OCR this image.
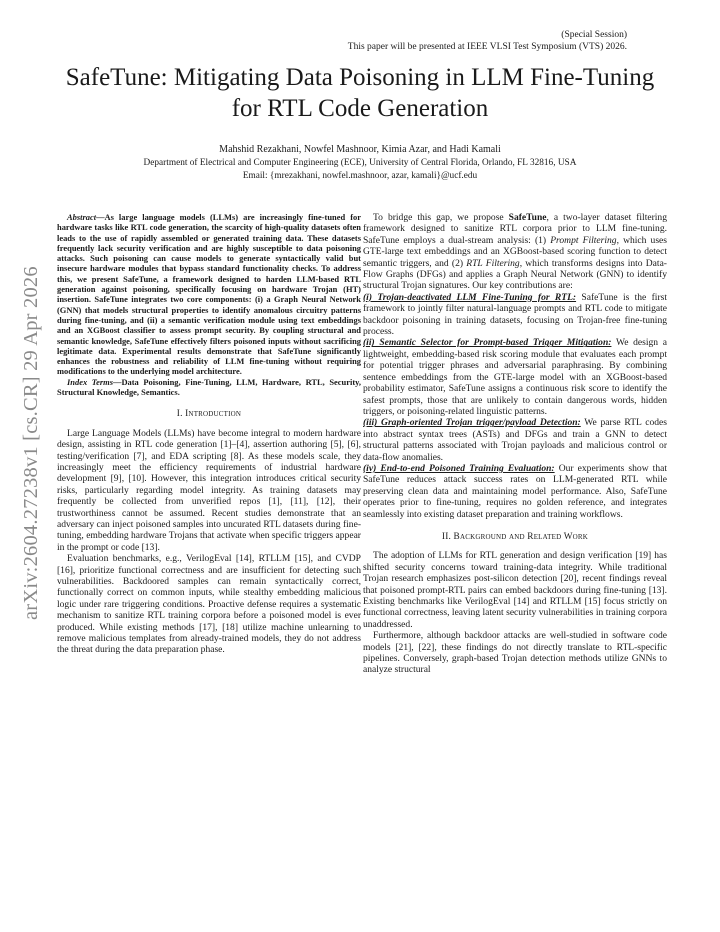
arXiv:2604.27238v1 [cs.CR] 29 Apr 2026
(Special Session)
This paper will be presented at IEEE VLSI Test Symposium (VTS) 2026.
SafeTune: Mitigating Data Poisoning in LLM Fine-Tuning for RTL Code Generation
Mahshid Rezakhani, Nowfel Mashnoor, Kimia Azar, and Hadi Kamali
Department of Electrical and Computer Engineering (ECE), University of Central Florida, Orlando, FL 32816, USA
Email: {mrezakhani, nowfel.mashnoor, azar, kamali}@ucf.edu

Abstract—As large language models (LLMs) are increasingly fine-tuned for hardware tasks like RTL code generation, the scarcity of high-quality datasets often leads to the use of rapidly assembled or generated training data. These datasets frequently lack security verification and are highly susceptible to data poisoning attacks. Such poisoning can cause models to generate syntactically valid but insecure hardware modules that bypass standard functionality checks. To address this, we present SafeTune, a framework designed to harden LLM-based RTL generation against poisoning, specifically focusing on hardware Trojan (HT) insertion. SafeTune integrates two core components: (i) a Graph Neural Network (GNN) that models structural properties to identify anomalous circuitry patterns during fine-tuning, and (ii) a semantic verification module using text embeddings and an XGBoost classifier to assess prompt security. By coupling structural and semantic knowledge, SafeTune effectively filters poisoned inputs without sacrificing legitimate data. Experimental results demonstrate that SafeTune significantly enhances the robustness and reliability of LLM fine-tuning without requiring modifications to the underlying model architecture.

Index Terms—Data Poisoning, Fine-Tuning, LLM, Hardware, RTL, Security, Structural Knowledge, Semantics.

I. Introduction

Large Language Models (LLMs) have become integral to modern hardware design, assisting in RTL code generation [1]–[4], assertion authoring [5], [6], testing/verification [7], and EDA scripting [8]. As these models scale, they increasingly meet the efficiency requirements of industrial hardware development [9], [10]. However, this integration introduces critical security risks, particularly regarding model integrity. As training datasets may frequently be collected from unverified repos [1], [11], [12], their trustworthiness cannot be assumed. Recent studies demonstrate that an adversary can inject poisoned samples into uncurated RTL datasets during fine-tuning, embedding hardware Trojans that activate when specific triggers appear in the prompt or code [13].

Evaluation benchmarks, e.g., VerilogEval [14], RTLLM [15], and CVDP [16], prioritize functional correctness and are insufficient for detecting such vulnerabilities. Backdoored samples can remain syntactically correct, functionally correct on common inputs, while stealthy embedding malicious logic under rare triggering conditions. Proactive defense requires a systematic mechanism to sanitize RTL training corpora before a poisoned model is ever produced. While existing methods [17], [18] utilize machine unlearning to remove malicious templates from already-trained models, they do not address the threat during the data preparation phase.

To bridge this gap, we propose SafeTune, a two-layer dataset filtering framework designed to sanitize RTL corpora prior to LLM fine-tuning. SafeTune employs a dual-stream analysis: (1) Prompt Filtering, which uses GTE-large text embeddings and an XGBoost-based scoring function to detect semantic triggers, and (2) RTL Filtering, which transforms designs into Data-Flow Graphs (DFGs) and applies a Graph Neural Network (GNN) to identify structural Trojan signatures. Our key contributions are:

(i) Trojan-deactivated LLM Fine-Tuning for RTL: SafeTune is the first framework to jointly filter natural-language prompts and RTL code to mitigate backdoor poisoning in training datasets, focusing on Trojan-free fine-tuning process.

(ii) Semantic Selector for Prompt-based Trigger Mitigation: We design a lightweight, embedding-based risk scoring module that evaluates each prompt for potential trigger phrases and adversarial paraphrasing. By combining sentence embeddings from the GTE-large model with an XGBoost-based probability estimator, SafeTune assigns a continuous risk score to identify the safest prompts, those that are unlikely to contain dangerous words, hidden triggers, or poisoning-related linguistic patterns.

(iii) Graph-oriented Trojan trigger/payload Detection: We parse RTL codes into abstract syntax trees (ASTs) and DFGs and train a GNN to detect structural patterns associated with Trojan payloads and malicious control or data-flow anomalies.

(iv) End-to-end Poisoned Training Evaluation: Our experiments show that SafeTune reduces attack success rates on LLM-generated RTL while preserving clean data and maintaining model performance. Also, SafeTune operates prior to fine-tuning, requires no golden reference, and integrates seamlessly into existing dataset preparation and training workflows.

II. Background and Related Work

The adoption of LLMs for RTL generation and design verification [19] has shifted security concerns toward training-data integrity. While traditional Trojan research emphasizes post-silicon detection [20], recent findings reveal that poisoned prompt-RTL pairs can embed backdoors during fine-tuning [13]. Existing benchmarks like VerilogEval [14] and RTLLM [15] focus strictly on functional correctness, leaving latent security vulnerabilities in training corpora unaddressed.

Furthermore, although backdoor attacks are well-studied in software code models [21], [22], these findings do not directly translate to RTL-specific pipelines. Conversely, graph-based Trojan detection methods utilize GNNs to analyze structural
